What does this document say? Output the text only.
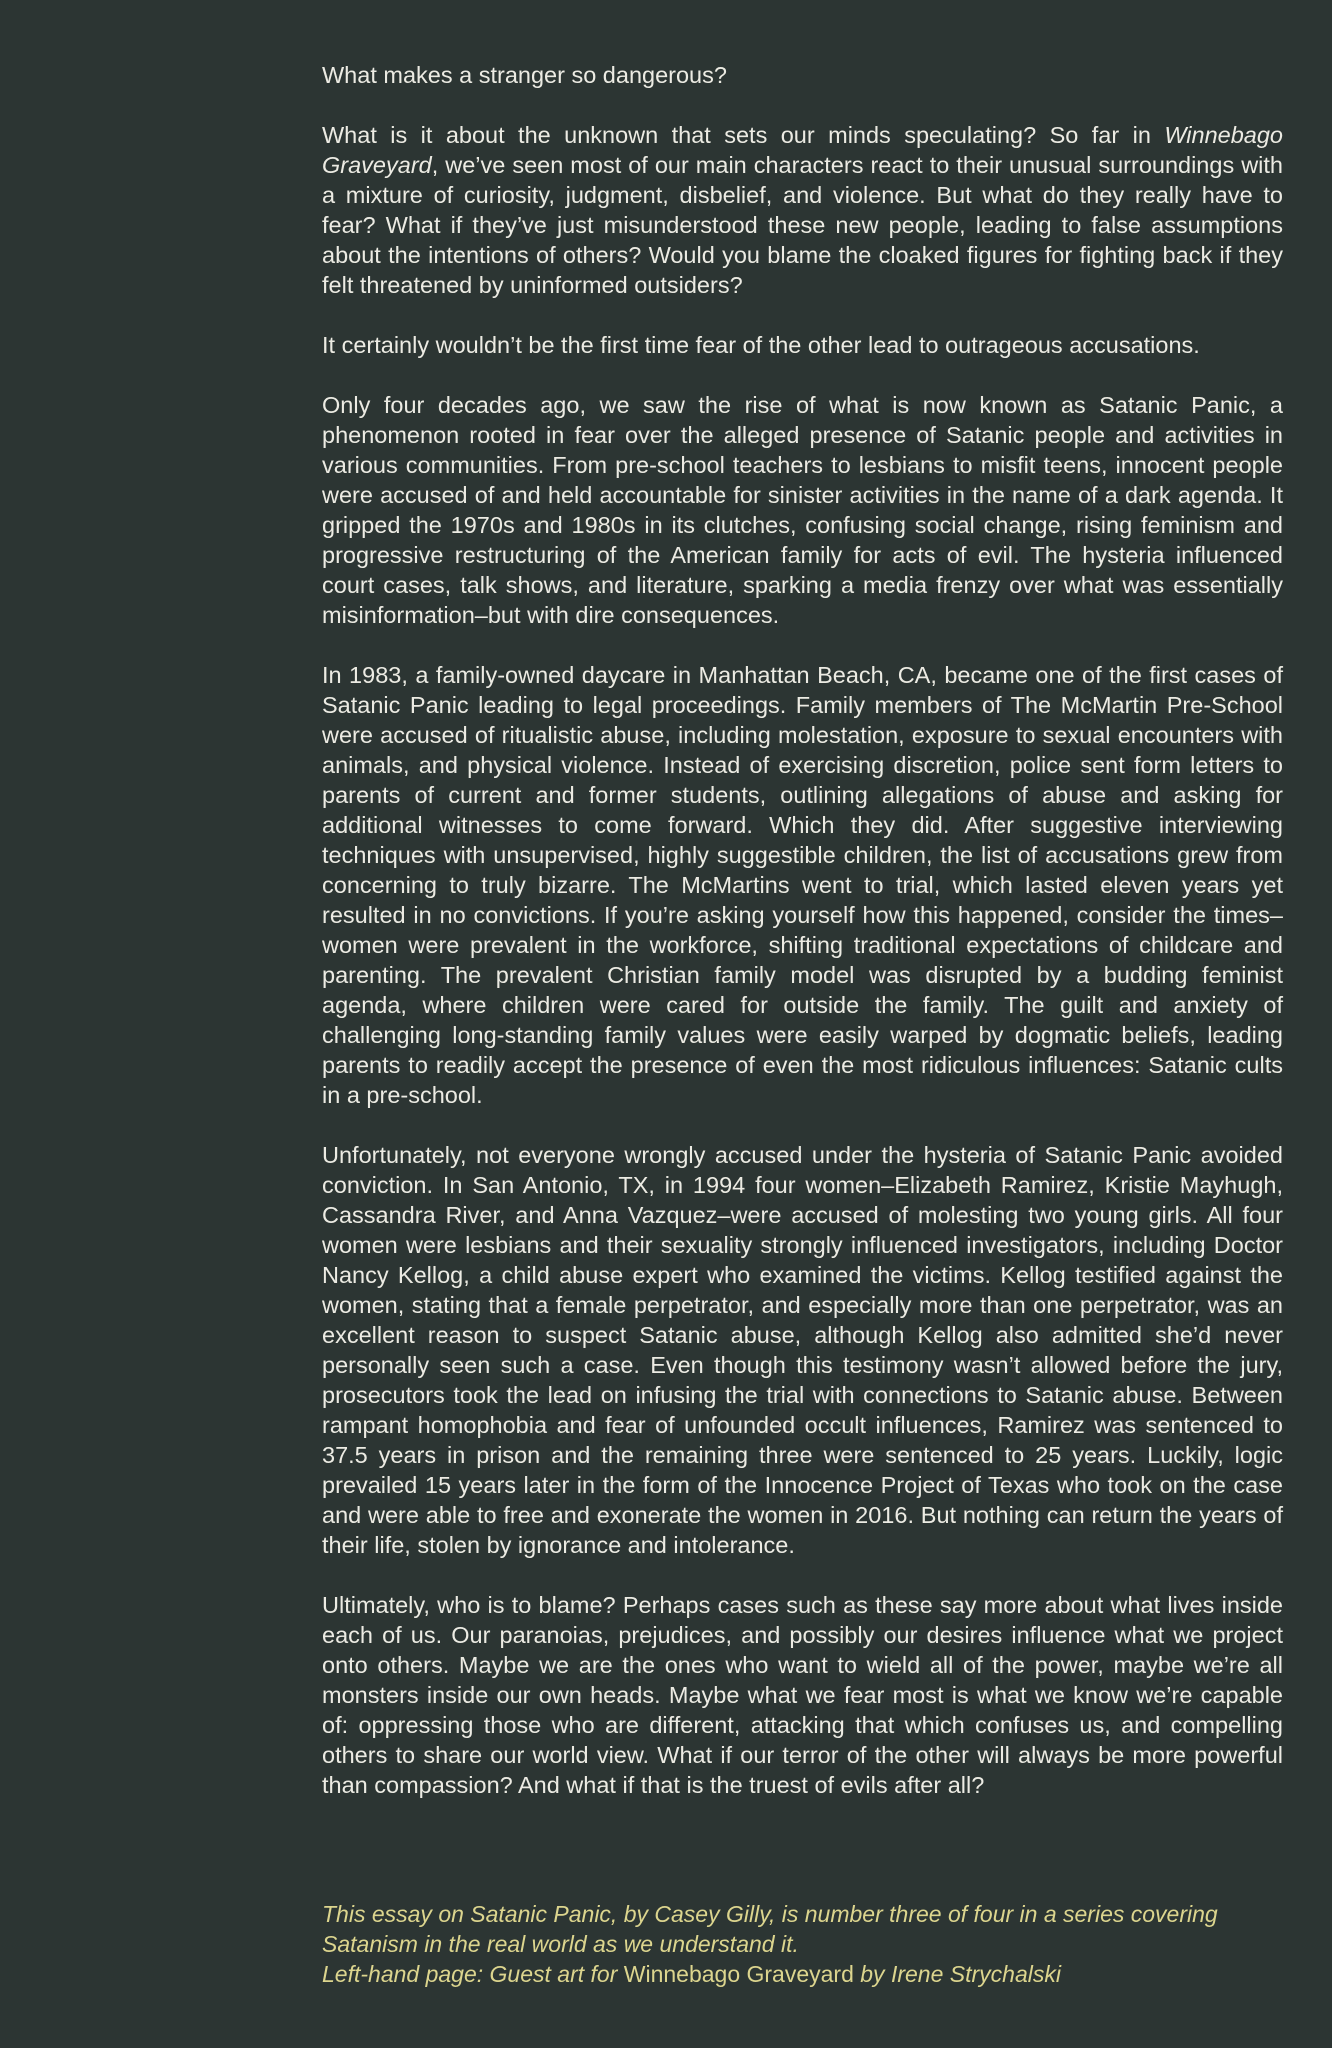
What makes a stranger so dangerous?

What is it about the unknown that sets our minds speculating? So far in Winnebago Graveyard, we’ve seen most of our main characters react to their unusual surroundings with a mixture of curiosity, judgment, disbelief, and violence. But what do they really have to fear? What if they’ve just misunderstood these new people, leading to false assumptions about the intentions of others? Would you blame the cloaked figures for fighting back if they felt threatened by uninformed outsiders?

It certainly wouldn’t be the first time fear of the other lead to outrageous accusations.

Only four decades ago, we saw the rise of what is now known as Satanic Panic, a phenomenon rooted in fear over the alleged presence of Satanic people and activities in various communities. From pre-school teachers to lesbians to misfit teens, innocent people were accused of and held accountable for sinister activities in the name of a dark agenda. It gripped the 1970s and 1980s in its clutches, confusing social change, rising feminism and progressive restructuring of the American family for acts of evil. The hysteria influenced court cases, talk shows, and literature, sparking a media frenzy over what was essentially misinformation–but with dire consequences.

In 1983, a family-owned daycare in Manhattan Beach, CA, became one of the first cases of Satanic Panic leading to legal proceedings. Family members of The McMartin Pre-School were accused of ritualistic abuse, including molestation, exposure to sexual encounters with animals, and physical violence. Instead of exercising discretion, police sent form letters to parents of current and former students, outlining allegations of abuse and asking for additional witnesses to come forward. Which they did. After suggestive interviewing techniques with unsupervised, highly suggestible children, the list of accusations grew from concerning to truly bizarre. The McMartins went to trial, which lasted eleven years yet resulted in no convictions. If you’re asking yourself how this happened, consider the times–women were prevalent in the workforce, shifting traditional expectations of childcare and parenting. The prevalent Christian family model was disrupted by a budding feminist agenda, where children were cared for outside the family. The guilt and anxiety of challenging long-standing family values were easily warped by dogmatic beliefs, leading parents to readily accept the presence of even the most ridiculous influences: Satanic cults in a pre-school.

Unfortunately, not everyone wrongly accused under the hysteria of Satanic Panic avoided conviction. In San Antonio, TX, in 1994 four women–Elizabeth Ramirez, Kristie Mayhugh, Cassandra River, and Anna Vazquez–were accused of molesting two young girls. All four women were lesbians and their sexuality strongly influenced investigators, including Doctor Nancy Kellog, a child abuse expert who examined the victims. Kellog testified against the women, stating that a female perpetrator, and especially more than one perpetrator, was an excellent reason to suspect Satanic abuse, although Kellog also admitted she’d never personally seen such a case. Even though this testimony wasn’t allowed before the jury, prosecutors took the lead on infusing the trial with connections to Satanic abuse. Between rampant homophobia and fear of unfounded occult influences, Ramirez was sentenced to 37.5 years in prison and the remaining three were sentenced to 25 years. Luckily, logic prevailed 15 years later in the form of the Innocence Project of Texas who took on the case and were able to free and exonerate the women in 2016. But nothing can return the years of their life, stolen by ignorance and intolerance.

Ultimately, who is to blame? Perhaps cases such as these say more about what lives inside each of us. Our paranoias, prejudices, and possibly our desires influence what we project onto others. Maybe we are the ones who want to wield all of the power, maybe we’re all monsters inside our own heads. Maybe what we fear most is what we know we’re capable of: oppressing those who are different, attacking that which confuses us, and compelling others to share our world view. What if our terror of the other will always be more powerful than compassion? And what if that is the truest of evils after all?

This essay on Satanic Panic, by Casey Gilly, is number three of four in a series covering Satanism in the real world as we understand it.

Left-hand page: Guest art for Winnebago Graveyard by Irene Strychalski
